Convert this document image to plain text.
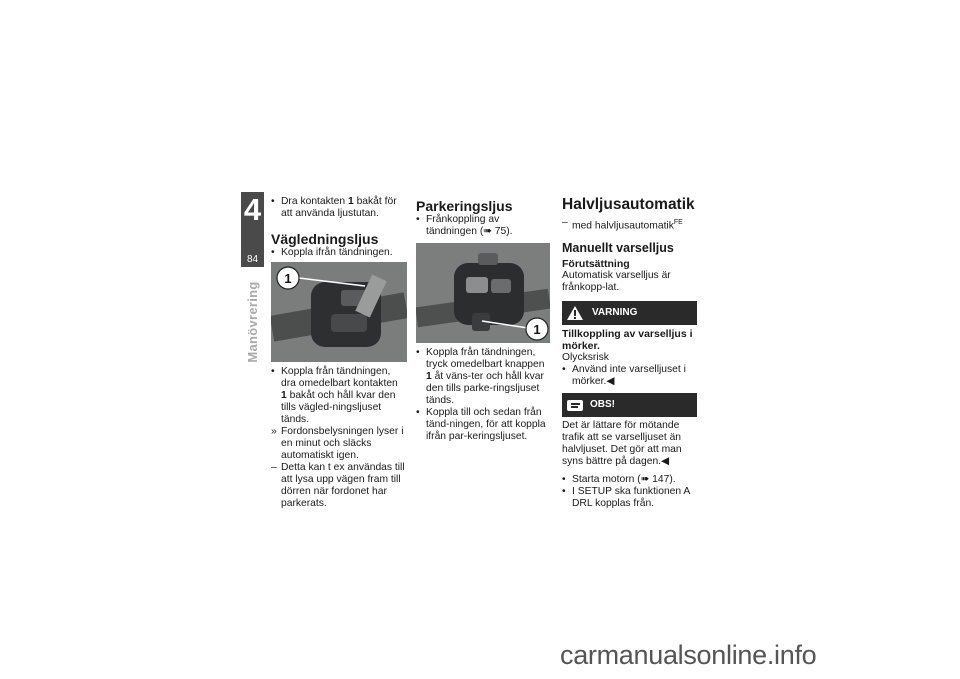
4
84
Manövrering
• Dra kontakten 1 bakåt för att använda ljustutan.
Vägledningsljus
• Koppla ifrån tändningen.
1
• Koppla från tändningen, dra omedelbart kontakten 1 bakåt och håll kvar den tills vägled-ningsljuset tänds.
» Fordonsbelysningen lyser i en minut och släcks automatiskt igen.
– Detta kan t ex användas till att lysa upp vägen fram till dörren när fordonet har parkerats.
Parkeringsljus
• Frånkoppling av tändningen (➠ 75).
1
• Koppla från tändningen, tryck omedelbart knappen 1 åt väns-ter och håll kvar den tills parke-ringsljuset tänds.
• Koppla till och sedan från tänd-ningen, för att koppla ifrån par-keringsljuset.
Halvljusautomatik
– med halvljusautomatik$^{FE}$
Manuellt varselljus
Förutsättning

Automatisk varselljus är frånkopp-lat.

VARNING
Tillkoppling av varselljus i mörker.

Olycksrisk

• Använd inte varselljuset i mörker.◀
OBS!

Det är lättare för mötande trafik att se varselljuset än halvljuset. Det gör att man syns bättre på dagen.◀

• Starta motorn (➠ 147).
• I SETUP ska funktionen A DRL kopplas från.
carmanualsonline.info
